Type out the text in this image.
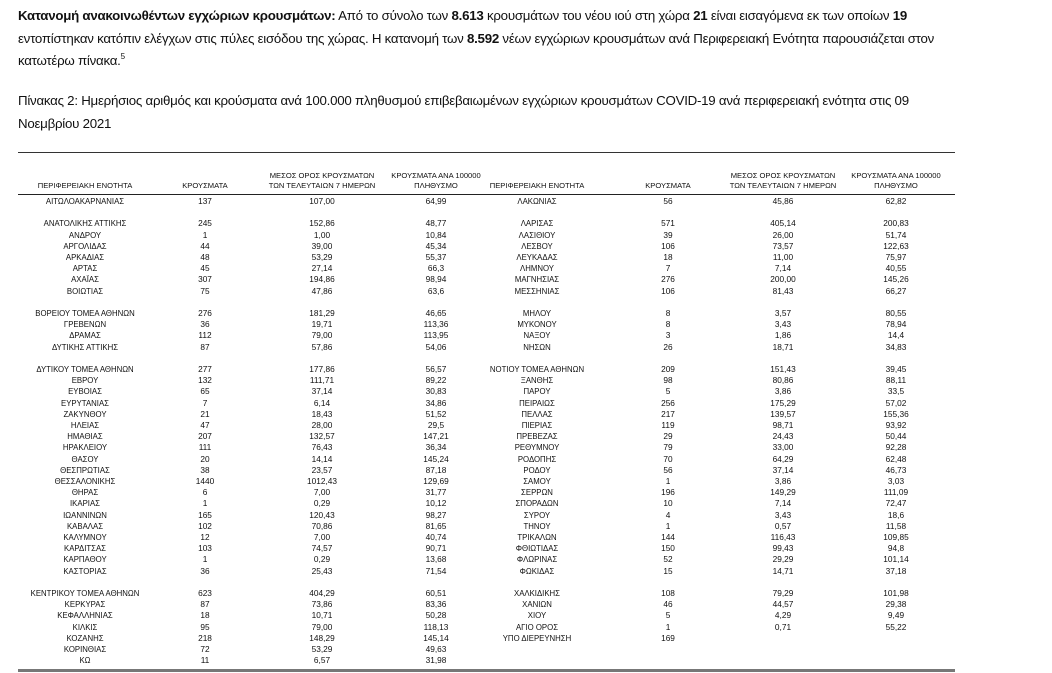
Κατανομή ανακοινωθέντων εγχώριων κρουσμάτων: Από το σύνολο των 8.613 κρουσμάτων του νέου ιού στη χώρα 21 είναι εισαγόμενα εκ των οποίων 19 εντοπίστηκαν κατόπιν ελέγχων στις πύλες εισόδου της χώρας. Η κατανομή των 8.592 νέων εγχώριων κρουσμάτων ανά Περιφερειακή Ενότητα παρουσιάζεται στον κατωτέρω πίνακα.$^5$
Πίνακας 2: Ημερήσιος αριθμός και κρούσματα ανά 100.000 πληθυσμού επιβεβαιωμένων εγχώριων κρουσμάτων COVID-19 ανά περιφερειακή ενότητα στις 09 Νοεμβρίου 2021
ΠΕΡΙΦΕΡΕΙΑΚΗ ΕΝΟΤΗΤΑ	ΚΡΟΥΣΜΑΤΑ
ΜΕΣΟΣ ΟΡΟΣ ΚΡΟΥΣΜΑΤΩΝ
ΤΩΝ ΤΕΛΕΥΤΑΙΩΝ 7 ΗΜΕΡΩΝ
ΚΡΟΥΣΜΑΤΑ ΑΝΑ 100000
ΠΛΗΘΥΣΜΟ	ΠΕΡΙΦΕΡΕΙΑΚΗ ΕΝΟΤΗΤΑ	ΚΡΟΥΣΜΑΤΑ
ΜΕΣΟΣ ΟΡΟΣ ΚΡΟΥΣΜΑΤΩΝ
ΤΩΝ ΤΕΛΕΥΤΑΙΩΝ 7 ΗΜΕΡΩΝ
ΚΡΟΥΣΜΑΤΑ ΑΝΑ 100000
ΠΛΗΘΥΣΜΟ
ΑΙΤΩΛΟΑΚΑΡΝΑΝΙΑΣ	137	107,00	64,99
ΑΝΑΤΟΛΙΚΗΣ ΑΤΤΙΚΗΣ	245	152,86	48,77
ΑΝΔΡΟΥ	1	1,00	10,84
ΑΡΓΟΛΙΔΑΣ	44	39,00	45,34
ΑΡΚΑΔΙΑΣ	48	53,29	55,37
ΑΡΤΑΣ	45	27,14	66,3
ΑΧΑΪΑΣ	307	194,86	98,94
ΒΟΙΩΤΙΑΣ	75	47,86	63,6
ΒΟΡΕΙΟΥ ΤΟΜΕΑ ΑΘΗΝΩΝ	276	181,29	46,65
ΓΡΕΒΕΝΩΝ	36	19,71	113,36
ΔΡΑΜΑΣ	112	79,00	113,95
ΔΥΤΙΚΗΣ ΑΤΤΙΚΗΣ	87	57,86	54,06
ΔΥΤΙΚΟΥ ΤΟΜΕΑ ΑΘΗΝΩΝ	277	177,86	56,57
ΕΒΡΟΥ	132	111,71	89,22
ΕΥΒΟΙΑΣ	65	37,14	30,83
ΕΥΡΥΤΑΝΙΑΣ	7	6,14	34,86
ΖΑΚΥΝΘΟΥ	21	18,43	51,52
ΗΛΕΙΑΣ	47	28,00	29,5
ΗΜΑΘΙΑΣ	207	132,57	147,21
ΗΡΑΚΛΕΙΟΥ	111	76,43	36,34
ΘΑΣΟΥ	20	14,14	145,24
ΘΕΣΠΡΩΤΙΑΣ	38	23,57	87,18
ΘΕΣΣΑΛΟΝΙΚΗΣ	1440	1012,43	129,69
ΘΗΡΑΣ	6	7,00	31,77
ΙΚΑΡΙΑΣ	1	0,29	10,12
ΙΩΑΝΝΙΝΩΝ	165	120,43	98,27
ΚΑΒΑΛΑΣ	102	70,86	81,65
ΚΑΛΥΜΝΟΥ	12	7,00	40,74
ΚΑΡΔΙΤΣΑΣ	103	74,57	90,71
ΚΑΡΠΑΘΟΥ	1	0,29	13,68
ΚΑΣΤΟΡΙΑΣ	36	25,43	71,54
ΚΕΝΤΡΙΚΟΥ ΤΟΜΕΑ ΑΘΗΝΩΝ	623	404,29	60,51
ΚΕΡΚΥΡΑΣ	87	73,86	83,36
ΚΕΦΑΛΛΗΝΙΑΣ	18	10,71	50,28
ΚΙΛΚΙΣ	95	79,00	118,13
ΚΟΖΑΝΗΣ	218	148,29	145,14
ΚΟΡΙΝΘΙΑΣ	72	53,29	49,63
ΚΩ	11	6,57	31,98
ΛΑΚΩΝΙΑΣ	56	45,86	62,82
ΛΑΡΙΣΑΣ	571	405,14	200,83
ΛΑΣΙΘΙΟΥ	39	26,00	51,74
ΛΕΣΒΟΥ	106	73,57	122,63
ΛΕΥΚΑΔΑΣ	18	11,00	75,97
ΛΗΜΝΟΥ	7	7,14	40,55
ΜΑΓΝΗΣΙΑΣ	276	200,00	145,26
ΜΕΣΣΗΝΙΑΣ	106	81,43	66,27
ΜΗΛΟΥ	8	3,57	80,55
ΜΥΚΟΝΟΥ	8	3,43	78,94
ΝΑΞΟΥ	3	1,86	14,4
ΝΗΣΩΝ	26	18,71	34,83
ΝΟΤΙΟΥ ΤΟΜΕΑ ΑΘΗΝΩΝ	209	151,43	39,45
ΞΑΝΘΗΣ	98	80,86	88,11
ΠΑΡΟΥ	5	3,86	33,5
ΠΕΙΡΑΙΩΣ	256	175,29	57,02
ΠΕΛΛΑΣ	217	139,57	155,36
ΠΙΕΡΙΑΣ	119	98,71	93,92
ΠΡΕΒΕΖΑΣ	29	24,43	50,44
ΡΕΘΥΜΝΟΥ	79	33,00	92,28
ΡΟΔΟΠΗΣ	70	64,29	62,48
ΡΟΔΟΥ	56	37,14	46,73
ΣΑΜΟΥ	1	3,86	3,03
ΣΕΡΡΩΝ	196	149,29	111,09
ΣΠΟΡΑΔΩΝ	10	7,14	72,47
ΣΥΡΟΥ	4	3,43	18,6
ΤΗΝΟΥ	1	0,57	11,58
ΤΡΙΚΑΛΩΝ	144	116,43	109,85
ΦΘΙΩΤΙΔΑΣ	150	99,43	94,8
ΦΛΩΡΙΝΑΣ	52	29,29	101,14
ΦΩΚΙΔΑΣ	15	14,71	37,18
ΧΑΛΚΙΔΙΚΗΣ	108	79,29	101,98
ΧΑΝΙΩΝ	46	44,57	29,38
ΧΙΟΥ	5	4,29	9,49
ΑΓΙΟ ΟΡΟΣ	1	0,71	55,22
ΥΠΟ ΔΙΕΡΕΥΝΗΣΗ	169
